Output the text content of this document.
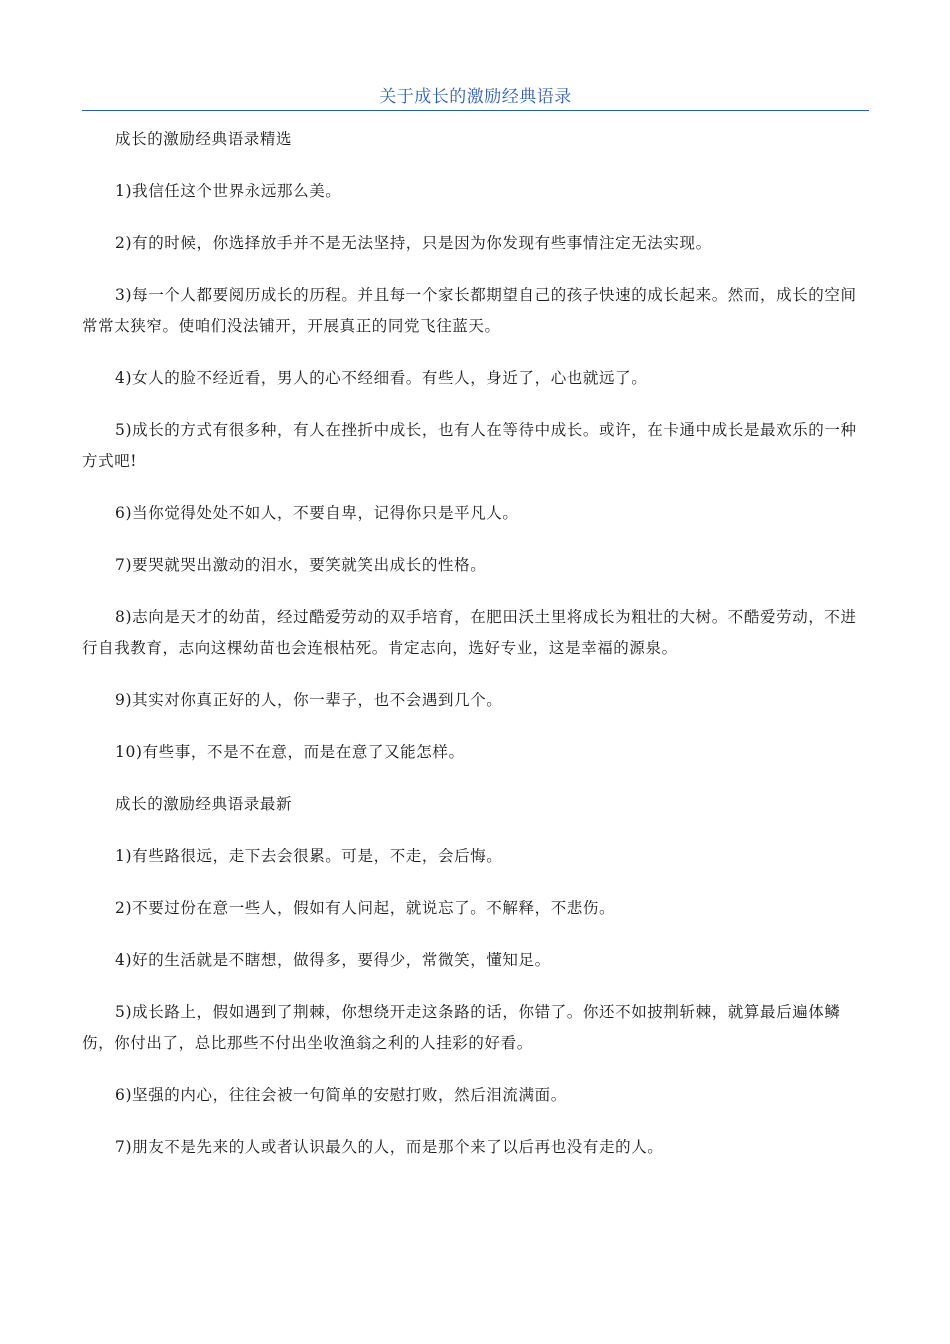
关于成长的激励经典语录

成长的激励经典语录精选

1)我信任这个世界永远那么美。

2)有的时候，你选择放手并不是无法坚持，只是因为你发现有些事情注定无法实现。

3)每一个人都要阅历成长的历程。并且每一个家长都期望自己的孩子快速的成长起来。然而，成长的空间常常太狭窄。使咱们没法铺开，开展真正的同党飞往蓝天。

4)女人的脸不经近看，男人的心不经细看。有些人，身近了，心也就远了。

5)成长的方式有很多种，有人在挫折中成长，也有人在等待中成长。或许，在卡通中成长是最欢乐的一种方式吧!

6)当你觉得处处不如人，不要自卑，记得你只是平凡人。

7)要哭就哭出激动的泪水，要笑就笑出成长的性格。

8)志向是天才的幼苗，经过酷爱劳动的双手培育，在肥田沃土里将成长为粗壮的大树。不酷爱劳动，不进行自我教育，志向这棵幼苗也会连根枯死。肯定志向，选好专业，这是幸福的源泉。

9)其实对你真正好的人，你一辈子，也不会遇到几个。

10)有些事，不是不在意，而是在意了又能怎样。

成长的激励经典语录最新

1)有些路很远，走下去会很累。可是，不走，会后悔。

2)不要过份在意一些人，假如有人问起，就说忘了。不解释，不悲伤。

4)好的生活就是不瞎想，做得多，要得少，常微笑，懂知足。

5)成长路上，假如遇到了荆棘，你想绕开走这条路的话，你错了。你还不如披荆斩棘，就算最后遍体鳞伤，你付出了，总比那些不付出坐收渔翁之利的人挂彩的好看。

6)坚强的内心，往往会被一句简单的安慰打败，然后泪流满面。

7)朋友不是先来的人或者认识最久的人，而是那个来了以后再也没有走的人。
